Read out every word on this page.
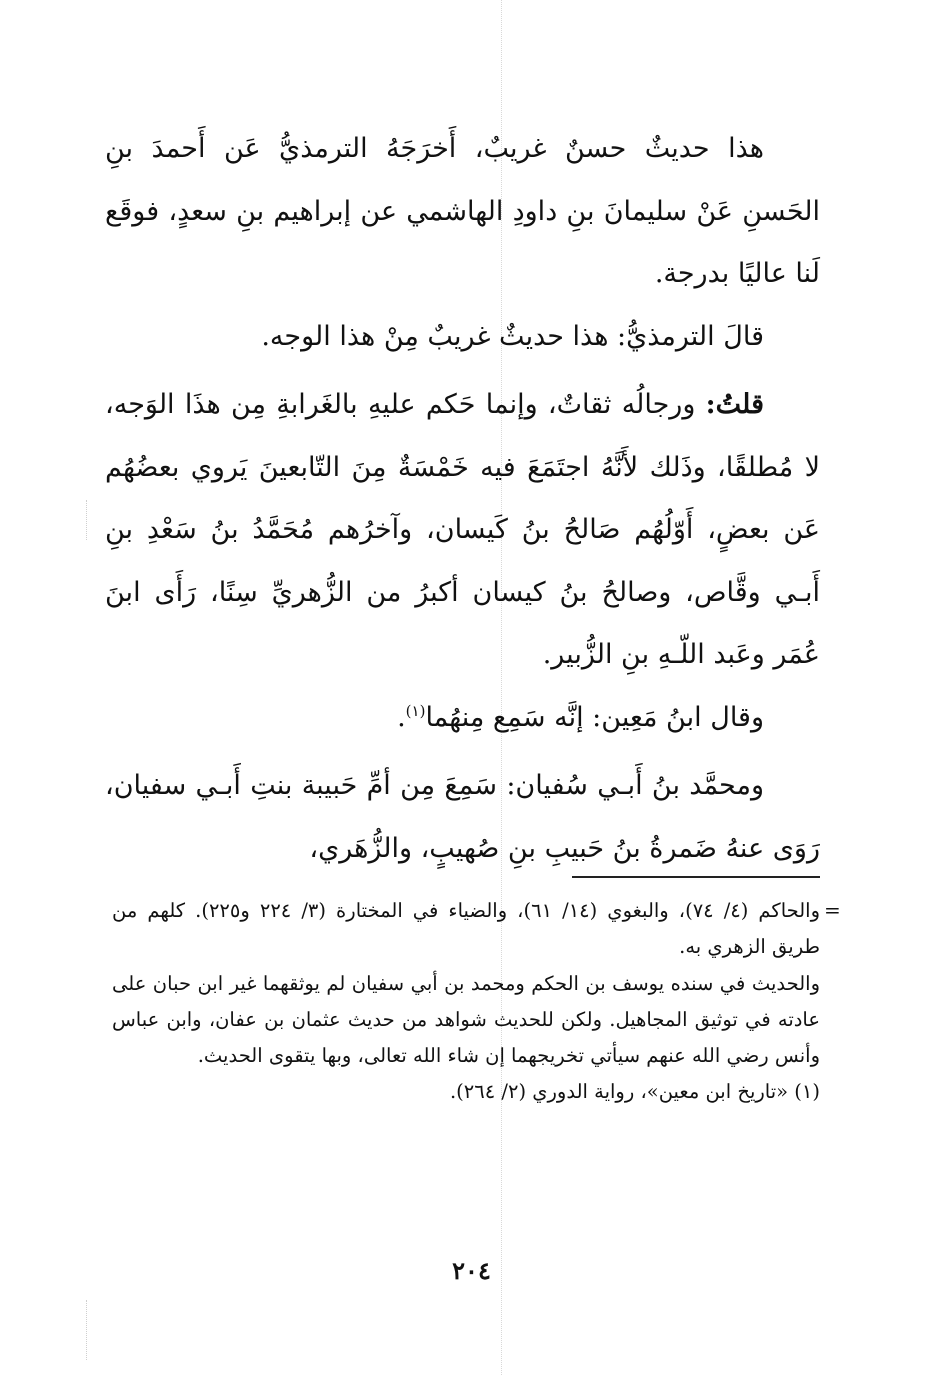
هذا حديثٌ حسنٌ غريبٌ، أَخرَجَهُ الترمذيُّ عَن أَحمدَ بنِ الحَسنِ عَنْ سليمانَ بنِ داودِ الهاشمي عن إبراهيم بنِ سعدٍ، فوقَع لَنا عاليًا بدرجة.

قالَ الترمذيُّ: هذا حديثٌ غريبٌ مِنْ هذا الوجه.

قلتُ: ورجالُه ثقاتٌ، وإنما حَكم عليهِ بالغَرابةِ مِن هذَا الوَجه، لا مُطلقًا، وذَلك لأَنَّهُ اجتَمَعَ فيه خَمْسَةٌ مِنَ التّابعينَ يَروي بعضُهُم عَن بعضٍ، أَوّلُهُم صَالحُ بنُ كَيسان، وآخرُهم مُحَمَّدُ بنُ سَعْدِ بنِ أَبـي وقَّاص، وصالحُ بنُ كيسان أكبرُ من الزُّهريِّ سِنًا، رَأَى ابنَ عُمَر وعَبد اللّـهِ بنِ الزُّبير.

وقال ابنُ مَعِين: إنَّه سَمِع مِنهُما$^{(١)}$.

ومحمَّد بنُ أَبـي سُفيان: سَمِعَ مِن أمِّ حَبيبة بنتِ أَبـي سفيان، رَوَى عنهُ ضَمرةُ بنُ حَبيبِ بنِ صُهيبٍ، والزُّهَري،

=

والحاكم (٤/ ٧٤)، والبغوي (١٤/ ٦١)، والضياء في المختارة (٣/ ٢٢٤ و٢٢٥). كلهم من طريق الزهري به.

والحديث في سنده يوسف بن الحكم ومحمد بن أبي سفيان لم يوثقهما غير ابن حبان على عادته في توثيق المجاهيل. ولكن للحديث شواهد من حديث عثمان بن عفان، وابن عباس وأنس رضي الله عنهم سيأتي تخريجهما إن شاء الله تعالى، وبها يتقوى الحديث.

(١) «تاريخ ابن معين»، رواية الدوري (٢/ ٢٦٤).

٢٠٤
